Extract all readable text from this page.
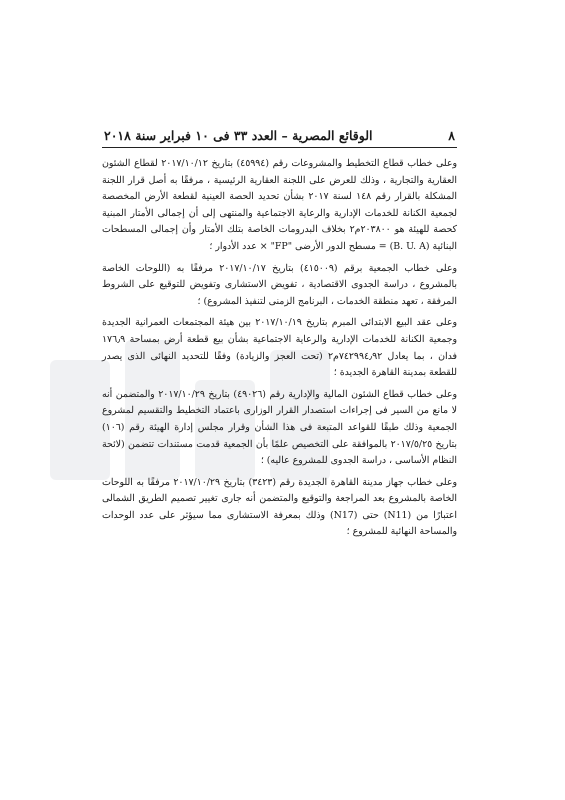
٨
الوقائع المصرية – العدد ٣٣ فى ١٠ فبراير سنة ٢٠١٨

وعلى خطاب قطاع التخطيط والمشروعات رقم (٤٥٩٩٤) بتاريخ ٢٠١٧/١٠/١٢ لقطاع الشئون العقارية والتجارية ، وذلك للعرض على اللجنة العقارية الرئيسية ، مرفقًا به أصل قرار اللجنة المشكلة بالقرار رقم ١٤٨ لسنة ٢٠١٧ بشأن تحديد الحصة العينية لقطعة الأرض المخصصة لجمعية الكنانة للخدمات الإدارية والرعاية الاجتماعية والمنتهى إلى أن إجمالى الأمتار المبنية كحصة للهيئة هو ٢٠٣٨٠٠م٢ بخلاف البدرومات الخاصة بتلك الأمتار وأن إجمالى المسطحات البنائية (B. U. A) = مسطح الدور الأرضى "FP" × عدد الأدوار ؛

وعلى خطاب الجمعية برقم (٤١٥٠٠٩) بتاريخ ٢٠١٧/١٠/١٧ مرفقًا به (اللوحات الخاصة بالمشروع ، دراسة الجدوى الاقتصادية ، تفويض الاستشارى وتفويض للتوقيع على الشروط المرفقة ، تعهد منطقة الخدمات ، البرنامج الزمنى لتنفيذ المشروع) ؛

وعلى عقد البيع الابتدائى المبرم بتاريخ ٢٠١٧/١٠/١٩ بين هيئة المجتمعات العمرانية الجديدة وجمعية الكنانة للخدمات الإدارية والرعاية الاجتماعية بشأن بيع قطعة أرض بمساحة ١٧٦٫٩ فدان ، بما يعادل ٧٤٢٩٩٤٫٩٢م٢ (تحت العجز والزيادة) وفقًا للتحديد النهائى الذى يصدر للقطعة بمدينة القاهرة الجديدة ؛

وعلى خطاب قطاع الشئون المالية والإدارية رقم (٤٩٠٢٦) بتاريخ ٢٠١٧/١٠/٢٩ والمتضمن أنه لا مانع من السير فى إجراءات استصدار القرار الوزارى باعتماد التخطيط والتقسيم لمشروع الجمعية وذلك طبقًا للقواعد المتبعة فى هذا الشأن وقرار مجلس إدارة الهيئة رقم (١٠٦) بتاريخ ٢٠١٧/٥/٢٥ بالموافقة على التخصيص علمًا بأن الجمعية قدمت مستندات تتضمن (لائحة النظام الأساسى ، دراسة الجدوى للمشروع عاليه) ؛

وعلى خطاب جهاز مدينة القاهرة الجديدة رقم (٣٤٢٣) بتاريخ ٢٠١٧/١٠/٢٩ مرفقًا به اللوحات الخاصة بالمشروع بعد المراجعة والتوقيع والمتضمن أنه جارى تغيير تصميم الطريق الشمالى اعتبارًا من (N11) حتى (N17) وذلك بمعرفة الاستشارى مما سيؤثر على عدد الوحدات والمساحة النهائية للمشروع ؛
